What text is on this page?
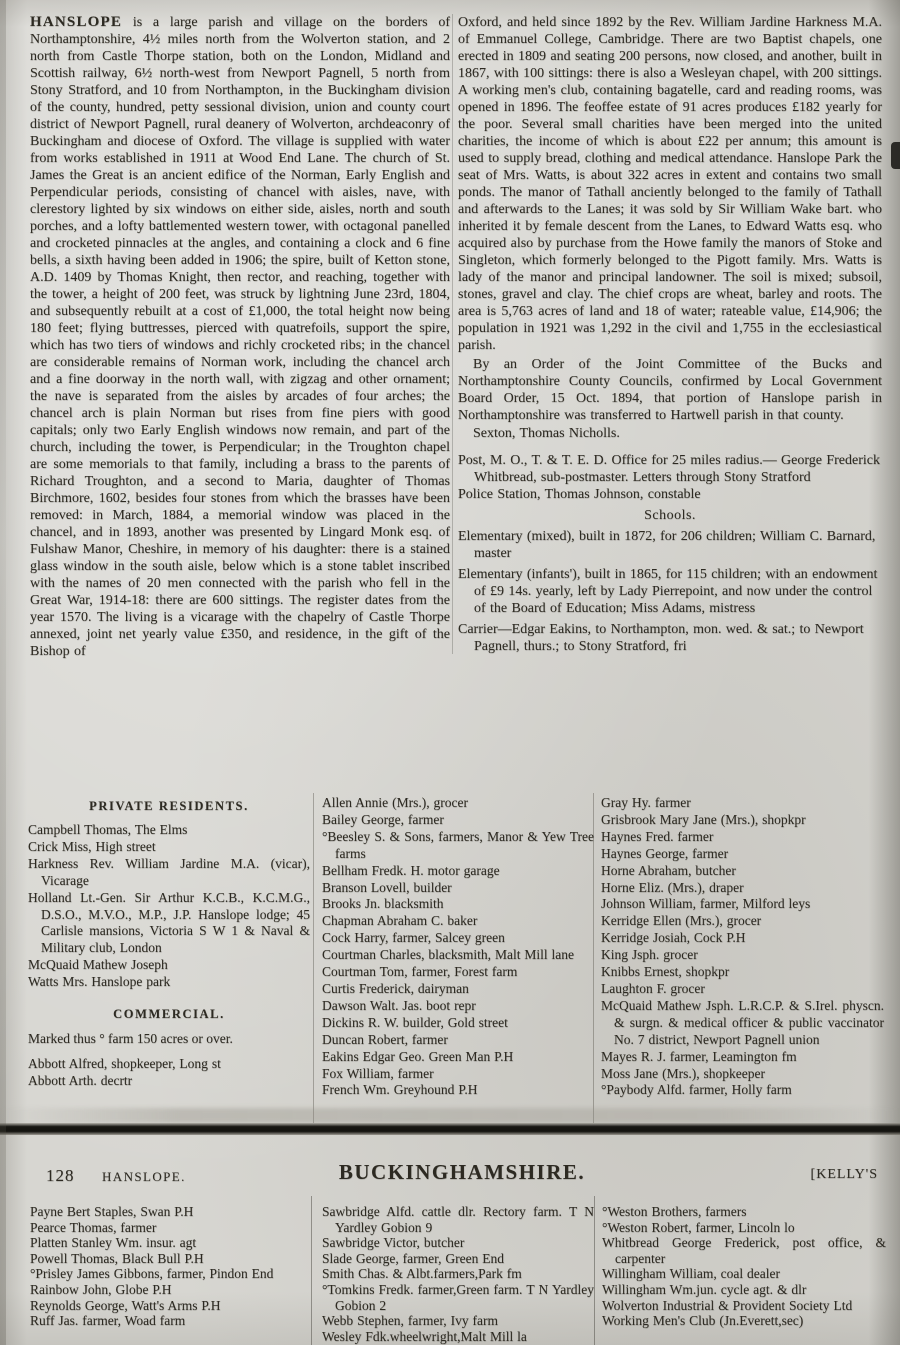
HANSLOPE is a large parish and village on the borders of Northamptonshire, 4½ miles north from the Wolverton station, and 2 north from Castle Thorpe station, both on the London, Midland and Scottish railway, 6½ north-west from Newport Pagnell, 5 north from Stony Stratford, and 10 from Northampton, in the Buckingham division of the county, hundred, petty sessional division, union and county court district of Newport Pagnell, rural deanery of Wolverton, archdeaconry of Buckingham and diocese of Oxford. The village is supplied with water from works established in 1911 at Wood End Lane. The church of St. James the Great is an ancient edifice of the Norman, Early English and Perpendicular periods, consisting of chancel with aisles, nave, with clerestory lighted by six windows on either side, aisles, north and south porches, and a lofty battlemented western tower, with octagonal panelled and crocketed pinnacles at the angles, and containing a clock and 6 fine bells, a sixth having been added in 1906; the spire, built of Ketton stone, A.D. 1409 by Thomas Knight, then rector, and reaching, together with the tower, a height of 200 feet, was struck by lightning June 23rd, 1804, and subsequently rebuilt at a cost of £1,000, the total height now being 180 feet; flying buttresses, pierced with quatrefoils, support the spire, which has two tiers of windows and richly crocketed ribs; in the chancel are considerable remains of Norman work, including the chancel arch and a fine doorway in the north wall, with zigzag and other ornament; the nave is separated from the aisles by arcades of four arches; the chancel arch is plain Norman but rises from fine piers with good capitals; only two Early English windows now remain, and part of the church, including the tower, is Perpendicular; in the Troughton chapel are some memorials to that family, including a brass to the parents of Richard Troughton, and a second to Maria, daughter of Thomas Birchmore, 1602, besides four stones from which the brasses have been removed: in March, 1884, a memorial window was placed in the chancel, and in 1893, another was presented by Lingard Monk esq. of Fulshaw Manor, Cheshire, in memory of his daughter: there is a stained glass window in the south aisle, below which is a stone tablet inscribed with the names of 20 men connected with the parish who fell in the Great War, 1914-18: there are 600 sittings. The register dates from the year 1570. The living is a vicarage with the chapelry of Castle Thorpe annexed, joint net yearly value £350, and residence, in the gift of the Bishop of

Oxford, and held since 1892 by the Rev. William Jardine Harkness M.A. of Emmanuel College, Cambridge. There are two Baptist chapels, one erected in 1809 and seating 200 persons, now closed, and another, built in 1867, with 100 sittings: there is also a Wesleyan chapel, with 200 sittings. A working men's club, containing bagatelle, card and reading rooms, was opened in 1896. The feoffee estate of 91 acres produces £182 yearly for the poor. Several small charities have been merged into the united charities, the income of which is about £22 per annum; this amount is used to supply bread, clothing and medical attendance. Hanslope Park the seat of Mrs. Watts, is about 322 acres in extent and contains two small ponds. The manor of Tathall anciently belonged to the family of Tathall and afterwards to the Lanes; it was sold by Sir William Wake bart. who inherited it by female descent from the Lanes, to Edward Watts esq. who acquired also by purchase from the Howe family the manors of Stoke and Singleton, which formerly belonged to the Pigott family. Mrs. Watts is lady of the manor and principal landowner. The soil is mixed; subsoil, stones, gravel and clay. The chief crops are wheat, barley and roots. The area is 5,763 acres of land and 18 of water; rateable value, £14,906; the population in 1921 was 1,292 in the civil and 1,755 in the ecclesiastical parish.

By an Order of the Joint Committee of the Bucks and Northamptonshire County Councils, confirmed by Local Government Board Order, 15 Oct. 1894, that portion of Hanslope parish in Northamptonshire was transferred to Hartwell parish in that county.

Sexton, Thomas Nicholls.

Post, M. O., T. & T. E. D. Office for 25 miles radius.— George Frederick Whitbread, sub-postmaster. Letters through Stony Stratford

Police Station, Thomas Johnson, constable

Schools.

Elementary (mixed), built in 1872, for 206 children; William C. Barnard, master

Elementary (infants'), built in 1865, for 115 children; with an endowment of £9 14s. yearly, left by Lady Pierrepoint, and now under the control of the Board of Education; Miss Adams, mistress

Carrier—Edgar Eakins, to Northampton, mon. wed. & sat.; to Newport Pagnell, thurs.; to Stony Stratford, fri

PRIVATE RESIDENTS.
Campbell Thomas, The Elms
Crick Miss, High street
Harkness Rev. William Jardine M.A. (vicar), Vicarage
Holland Lt.-Gen. Sir Arthur K.C.B., K.C.M.G., D.S.O., M.V.O., M.P., J.P. Hanslope lodge; 45 Carlisle mansions, Victoria S W 1 & Naval & Military club, London
McQuaid Mathew Joseph
Watts Mrs. Hanslope park
COMMERCIAL.

Marked thus ° farm 150 acres or over.

Abbott Alfred, shopkeeper, Long st
Abbott Arth. decrtr
Allen Annie (Mrs.), grocer
Bailey George, farmer
°Beesley S. & Sons, farmers, Manor & Yew Tree farms
Bellham Fredk. H. motor garage
Branson Lovell, builder
Brooks Jn. blacksmith
Chapman Abraham C. baker
Cock Harry, farmer, Salcey green
Courtman Charles, blacksmith, Malt Mill lane
Courtman Tom, farmer, Forest farm
Curtis Frederick, dairyman
Dawson Walt. Jas. boot repr
Dickins R. W. builder, Gold street
Duncan Robert, farmer
Eakins Edgar Geo. Green Man P.H
Fox William, farmer
French Wm. Greyhound P.H
Gray Hy. farmer
Grisbrook Mary Jane (Mrs.), shopkpr
Haynes Fred. farmer
Haynes George, farmer
Horne Abraham, butcher
Horne Eliz. (Mrs.), draper
Johnson William, farmer, Milford leys
Kerridge Ellen (Mrs.), grocer
Kerridge Josiah, Cock P.H
King Jsph. grocer
Knibbs Ernest, shopkpr
Laughton F. grocer
McQuaid Mathew Jsph. L.R.C.P. & S.Irel. physcn. & surgn. & medical officer & public vaccinator No. 7 district, Newport Pagnell union
Mayes R. J. farmer, Leamington fm
Moss Jane (Mrs.), shopkeeper
°Paybody Alfd. farmer, Holly farm
128 HANSLOPE.	BUCKINGHAMSHIRE.	[KELLY'S
Payne Bert Staples, Swan P.H
Pearce Thomas, farmer
Platten Stanley Wm. insur. agt
Powell Thomas, Black Bull P.H
°Prisley James Gibbons, farmer, Pindon End
Rainbow John, Globe P.H
Reynolds George, Watt's Arms P.H
Ruff Jas. farmer, Woad farm
Sawbridge Alfd. cattle dlr. Rectory farm. T N Yardley Gobion 9
Sawbridge Victor, butcher
Slade George, farmer, Green End
Smith Chas. & Albt.farmers,Park fm
°Tomkins Fredk. farmer,Green farm. T N Yardley Gobion 2
Webb Stephen, farmer, Ivy farm
Wesley Fdk.wheelwright,Malt Mill la
°Weston Brothers, farmers
°Weston Robert, farmer, Lincoln lo
Whitbread George Frederick, post office, & carpenter
Willingham William, coal dealer
Willingham Wm.jun. cycle agt. & dlr
Wolverton Industrial & Provident Society Ltd
Working Men's Club (Jn.Everett,sec)
